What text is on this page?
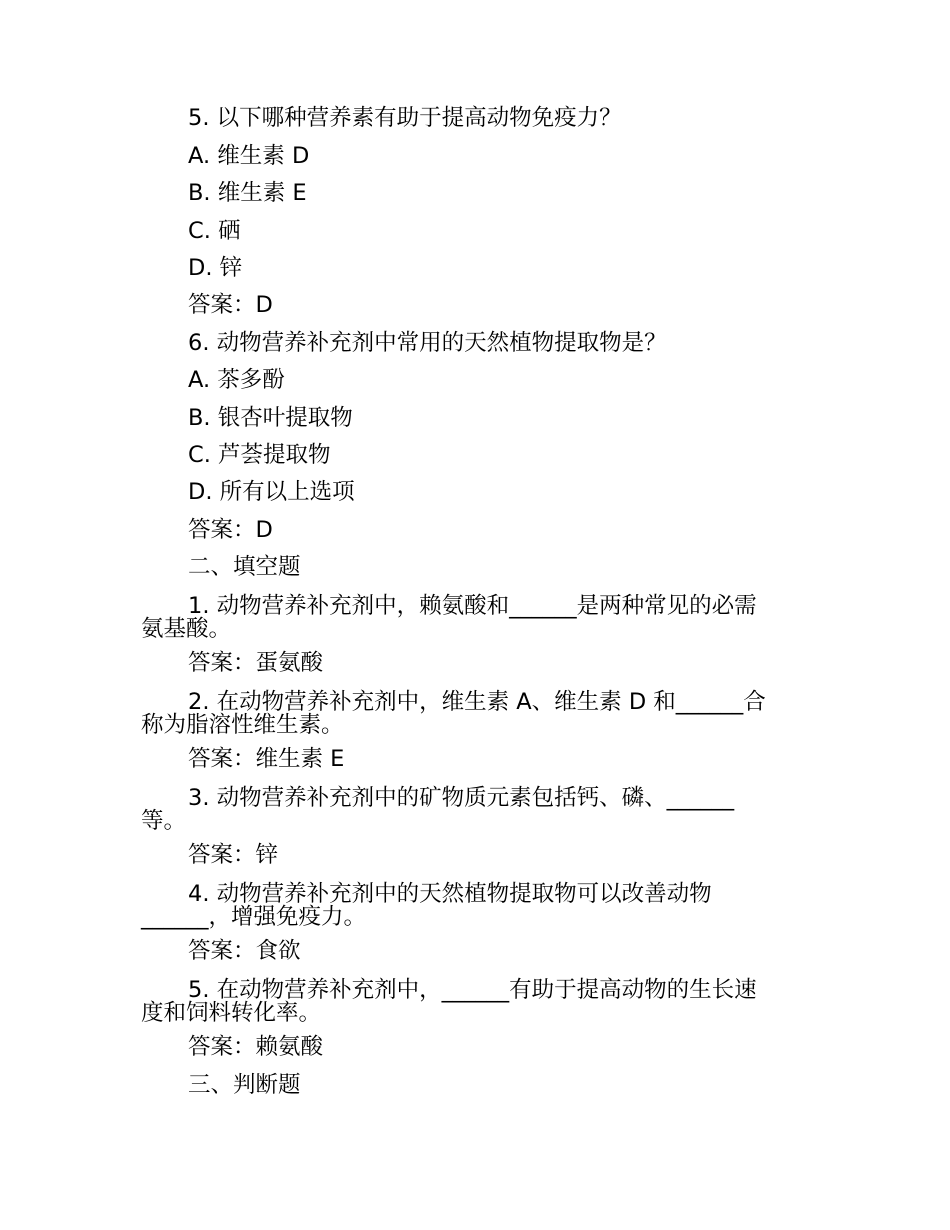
5. 以下哪种营养素有助于提高动物免疫力？
A. 维生素 D
B. 维生素 E
C. 硒
D. 锌
答案：D
6. 动物营养补充剂中常用的天然植物提取物是？
A. 茶多酚
B. 银杏叶提取物
C. 芦荟提取物
D. 所有以上选项
答案：D
二、填空题
1. 动物营养补充剂中，赖氨酸和______是两种常见的必需
氨基酸。
答案：蛋氨酸
2. 在动物营养补充剂中，维生素 A、维生素 D 和______合
称为脂溶性维生素。
答案：维生素 E
3. 动物营养补充剂中的矿物质元素包括钙、磷、______
等。
答案：锌
4. 动物营养补充剂中的天然植物提取物可以改善动物
______，增强免疫力。
答案：食欲
5. 在动物营养补充剂中，______有助于提高动物的生长速
度和饲料转化率。
答案：赖氨酸
三、判断题
